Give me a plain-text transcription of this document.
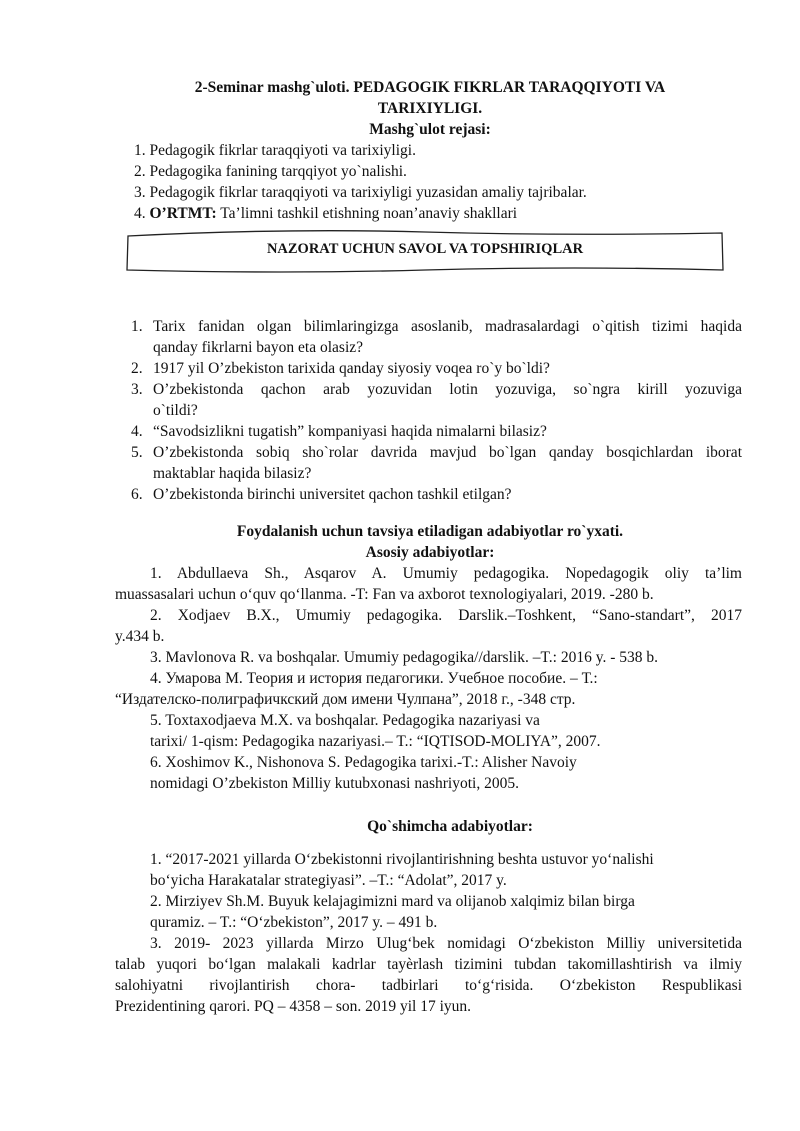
2-Seminar mashg`uloti. PEDAGOGIK FIKRLAR TARAQQIYOTI VA
TARIXIYLIGI.
Mashg`ulot rejasi:
1. Pedagogik fikrlar taraqqiyoti va tarixiyligi.
2. Pedagogika fanining tarqqiyot yo`nalishi.
3. Pedagogik fikrlar taraqqiyoti va tarixiyligi yuzasidan amaliy tajribalar.
4. O’RTMT: Ta’limni tashkil etishning noan’anaviy shakllari
NAZORAT UCHUN SAVOL VA TOPSHIRIQLAR
1. Tarix fanidan olgan bilimlaringizga asoslanib, madrasalardagi o`qitish tizimi haqida
qanday fikrlarni bayon eta olasiz?
2. 1917 yil O’zbekiston tarixida qanday siyosiy voqea ro`y bo`ldi?
3. O’zbekistonda qachon arab yozuvidan lotin yozuviga, so`ngra kirill yozuviga
o`tildi?
4. “Savodsizlikni tugatish” kompaniyasi haqida nimalarni bilasiz?
5. O’zbekistonda sobiq sho`rolar davrida mavjud bo`lgan qanday bosqichlardan iborat
maktablar haqida bilasiz?
6. O’zbekistonda birinchi universitet qachon tashkil etilgan?
Foydalanish uchun tavsiya etiladigan adabiyotlar ro`yxati.
Asosiy adabiyotlar:
1. Abdullaeva Sh., Asqarov A. Umumiy pedagogika. Nopedagogik oliy ta’lim
muassasalari uchun o‘quv qo‘llanma. -T: Fan va axborot texnologiyalari, 2019. -280 b.
2. Xodjaev B.X., Umumiy pedagogika. Darslik.–Toshkent, “Sano-standart”, 2017
y.434 b.
3. Mavlonova R. va boshqalar. Umumiy pedagogika//darslik. –T.: 2016 y. - 538 b.
4. Умарова М. Теория и история педагогики. Учебное пособие. – Т.:
“Издателско-полиграфичкский дом имени Чулпана”, 2018 г., -348 стр.
5. Toxtaxodjaeva M.X. va boshqalar. Pedagogika nazariyasi va
tarixi/ 1-qism: Pedagogika nazariyasi.– T.: “IQTISOD-MOLIYA”, 2007.
6. Xoshimov K., Nishonova S. Pedagogika tarixi.-T.: Alisher Navoiy
nomidagi O’zbekiston Milliy kutubxonasi nashriyoti, 2005.
Qo`shimcha adabiyotlar:
1. “2017-2021 yillarda O‘zbekistonni rivojlantirishning beshta ustuvor yo‘nalishi
bo‘yicha Harakatalar strategiyasi”. –T.: “Adolat”, 2017 y.
2. Mirziyev Sh.M. Buyuk kelajagimizni mard va olijanob xalqimiz bilan birga
quramiz. – T.: “O‘zbekiston”, 2017 y. – 491 b.
3. 2019- 2023 yillarda Mirzo Ulug‘bek nomidagi O‘zbekiston Milliy universitetida
talab yuqori bo‘lgan malakali kadrlar tayèrlash tizimini tubdan takomillashtirish va ilmiy
salohiyatni rivojlantirish chora- tadbirlari to‘g‘risida. O‘zbekiston Respublikasi
Prezidentining qarori. PQ – 4358 – son. 2019 yil 17 iyun.
